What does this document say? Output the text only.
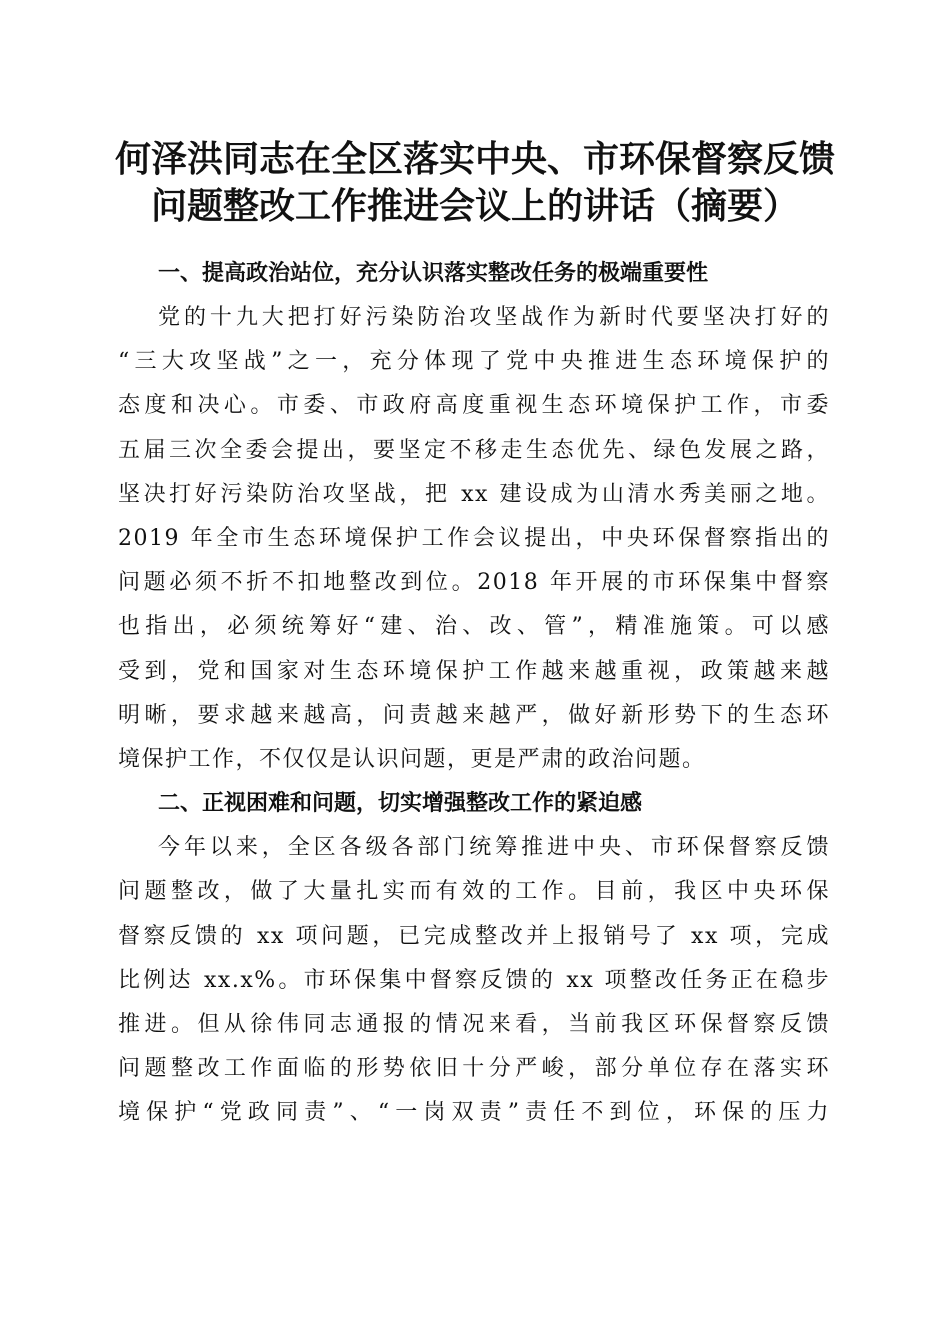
何泽洪同志在全区落实中央、市环保督察反馈
问题整改工作推进会议上的讲话（摘要）
一、提高政治站位，充分认识落实整改任务的极端重要性

党的十九大把打好污染防治攻坚战作为新时代要坚决打好的
“三大攻坚战”之一，充分体现了党中央推进生态环境保护的
态度和决心。市委、市政府高度重视生态环境保护工作，市委
五届三次全委会提出，要坚定不移走生态优先、绿色发展之路，
坚决打好污染防治攻坚战，把 xx 建设成为山清水秀美丽之地。
2019 年全市生态环境保护工作会议提出，中央环保督察指出的
问题必须不折不扣地整改到位。2018 年开展的市环保集中督察
也指出，必须统筹好“建、治、改、管”，精准施策。可以感
受到，党和国家对生态环境保护工作越来越重视，政策越来越
明晰，要求越来越高，问责越来越严，做好新形势下的生态环
境保护工作，不仅仅是认识问题，更是严肃的政治问题。

二、正视困难和问题，切实增强整改工作的紧迫感

今年以来，全区各级各部门统筹推进中央、市环保督察反馈
问题整改，做了大量扎实而有效的工作。目前，我区中央环保
督察反馈的 xx 项问题，已完成整改并上报销号了 xx 项，完成
比例达 xx.x%。市环保集中督察反馈的 xx 项整改任务正在稳步
推进。但从徐伟同志通报的情况来看，当前我区环保督察反馈
问题整改工作面临的形势依旧十分严峻，部分单位存在落实环
境保护“党政同责”、“一岗双责”责任不到位，环保的压力
